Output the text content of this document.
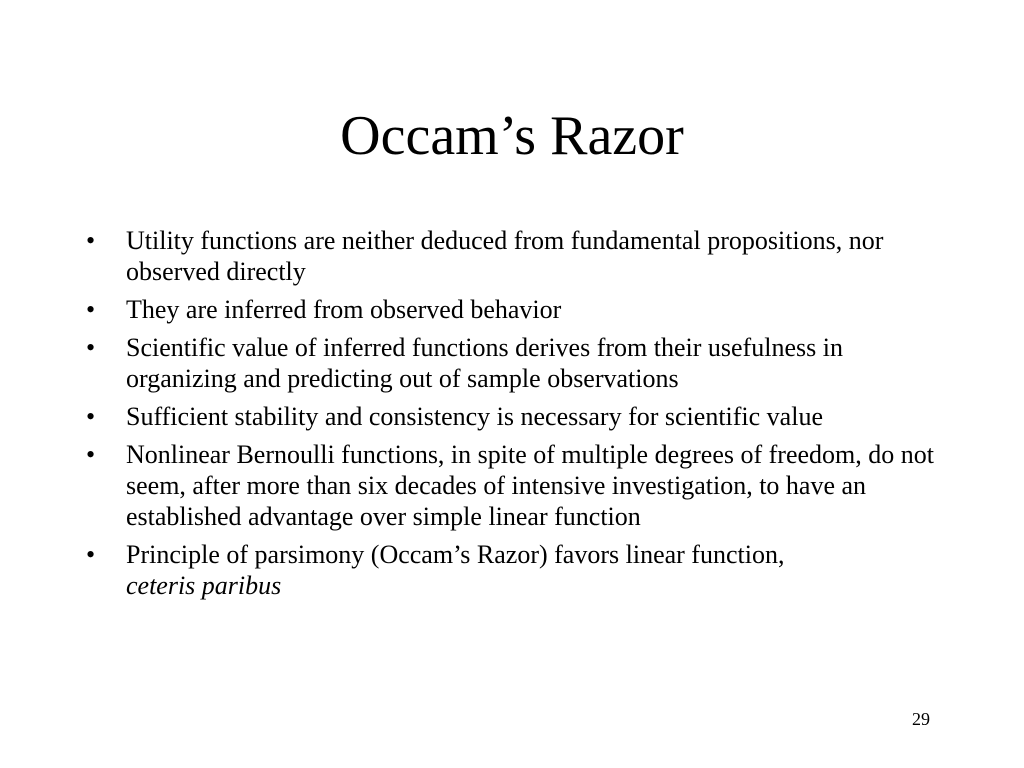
Occam’s Razor
• Utility functions are neither deduced from fundamental propositions, nor observed directly
• They are inferred from observed behavior
• Scientific value of inferred functions derives from their usefulness in organizing and predicting out of sample observations
• Sufficient stability and consistency is necessary for scientific value
• Nonlinear Bernoulli functions, in spite of multiple degrees of freedom, do not seem, after more than six decades of intensive investigation, to have an established advantage over simple linear function
• Principle of parsimony (Occam’s Razor) favors linear function,
ceteris paribus
29
